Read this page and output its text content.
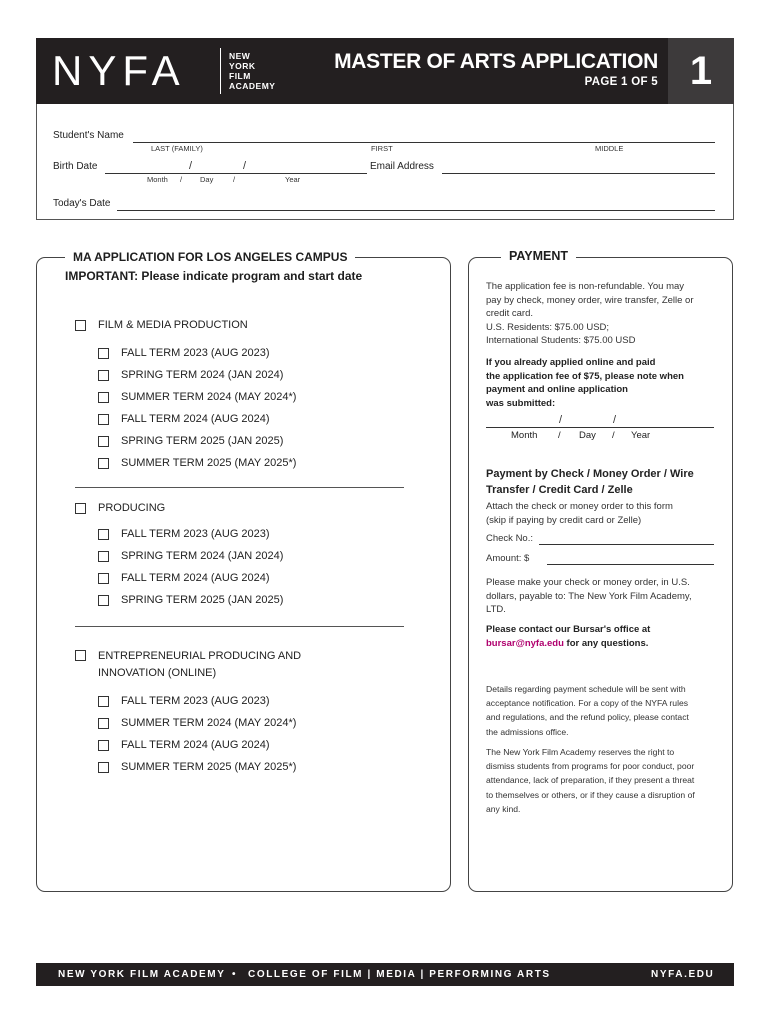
NYFA	NEW
YORK
FILM
ACADEMY
MASTER OF ARTS APPLICATION
PAGE 1 OF 5 1
Student's Name
LAST (FAMILY)	FIRST	MIDDLE
Birth Date	/	/
Month / Day	/	Year
Email Address
Today's Date
MA APPLICATION FOR LOS ANGELES CAMPUS
IMPORTANT: Please indicate program and start date
FILM & MEDIA PRODUCTION
FALL TERM 2023 (AUG 2023)
SPRING TERM 2024 (JAN 2024)
SUMMER TERM 2024 (MAY 2024*)
FALL TERM 2024 (AUG 2024)
SPRING TERM 2025 (JAN 2025)
SUMMER TERM 2025 (MAY 2025*)
PRODUCING
FALL TERM 2023 (AUG 2023)
SPRING TERM 2024 (JAN 2024)
FALL TERM 2024 (AUG 2024)
SPRING TERM 2025 (JAN 2025)
ENTREPRENEURIAL PRODUCING AND
INNOVATION (ONLINE)
FALL TERM 2023 (AUG 2023)
SUMMER TERM 2024 (MAY 2024*)
FALL TERM 2024 (AUG 2024)
SUMMER TERM 2025 (MAY 2025*)
PAYMENT
The application fee is non-refundable. You may
pay by check, money order, wire transfer, Zelle or
credit card.
U.S. Residents: $75.00 USD;
International Students: $75.00 USD
If you already applied online and paid
the application fee of $75, please note when
payment and online application
was submitted:
/	/
Month / Day / Year
Payment by Check / Money Order / Wire
Transfer / Credit Card / Zelle
Attach the check or money order to this form
(skip if paying by credit card or Zelle)
Check No.:
Amount: $
Please make your check or money order, in U.S.
dollars, payable to: The New York Film Academy,
LTD.
Please contact our Bursar's office at
bursar@nyfa.edu for any questions.
Details regarding payment schedule will be sent with
acceptance notification. For a copy of the NYFA rules
and regulations, and the refund policy, please contact
the admissions office.
The New York Film Academy reserves the right to
dismiss students from programs for poor conduct, poor
attendance, lack of preparation, if they present a threat
to themselves or others, or if they cause a disruption of
any kind.
NEW YORK FILM ACADEMY • COLLEGE OF FILM | MEDIA | PERFORMING ARTS	NYFA.EDU
